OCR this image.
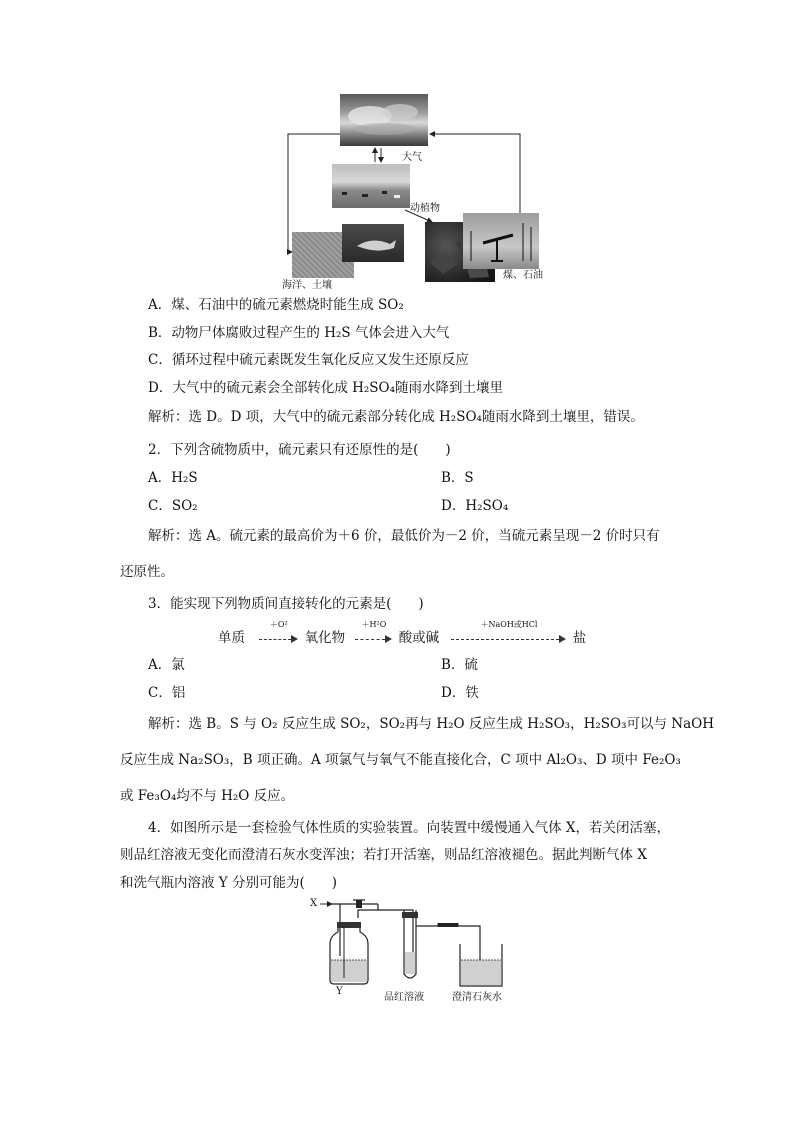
大气
动植物
海洋、土壤
煤、石油
A．煤、石油中的硫元素燃烧时能生成 SO₂
B．动物尸体腐败过程产生的 H₂S 气体会进入大气
C．循环过程中硫元素既发生氧化反应又发生还原反应
D．大气中的硫元素会全部转化成 H₂SO₄随雨水降到土壤里
解析：选 D。D 项，大气中的硫元素部分转化成 H₂SO₄随雨水降到土壤里，错误。
2．下列含硫物质中，硫元素只有还原性的是(　　)
A．H₂S	B．S
C．SO₂	D．H₂SO₄
解析：选 A。硫元素的最高价为＋6 价，最低价为－2 价，当硫元素呈现－2 价时只有
还原性。
3．能实现下列物质间直接转化的元素是(　　)
单质
＋O²
氧化物
＋H²O
酸或碱
＋NaOH或HCl
盐
A．氯	B．硫
C．铝	D．铁
解析：选 B。S 与 O₂ 反应生成 SO₂，SO₂再与 H₂O 反应生成 H₂SO₃，H₂SO₃可以与 NaOH
反应生成 Na₂SO₃，B 项正确。A 项氯气与氧气不能直接化合，C 项中 Al₂O₃、D 项中 Fe₂O₃
或 Fe₃O₄均不与 H₂O 反应。
4．如图所示是一套检验气体性质的实验装置。向装置中缓慢通入气体 X，若关闭活塞，
则品红溶液无变化而澄清石灰水变浑浊；若打开活塞，则品红溶液褪色。据此判断气体 X
和洗气瓶内溶液 Y 分别可能为(　　)
X
Y
品红溶液	澄清石灰水
